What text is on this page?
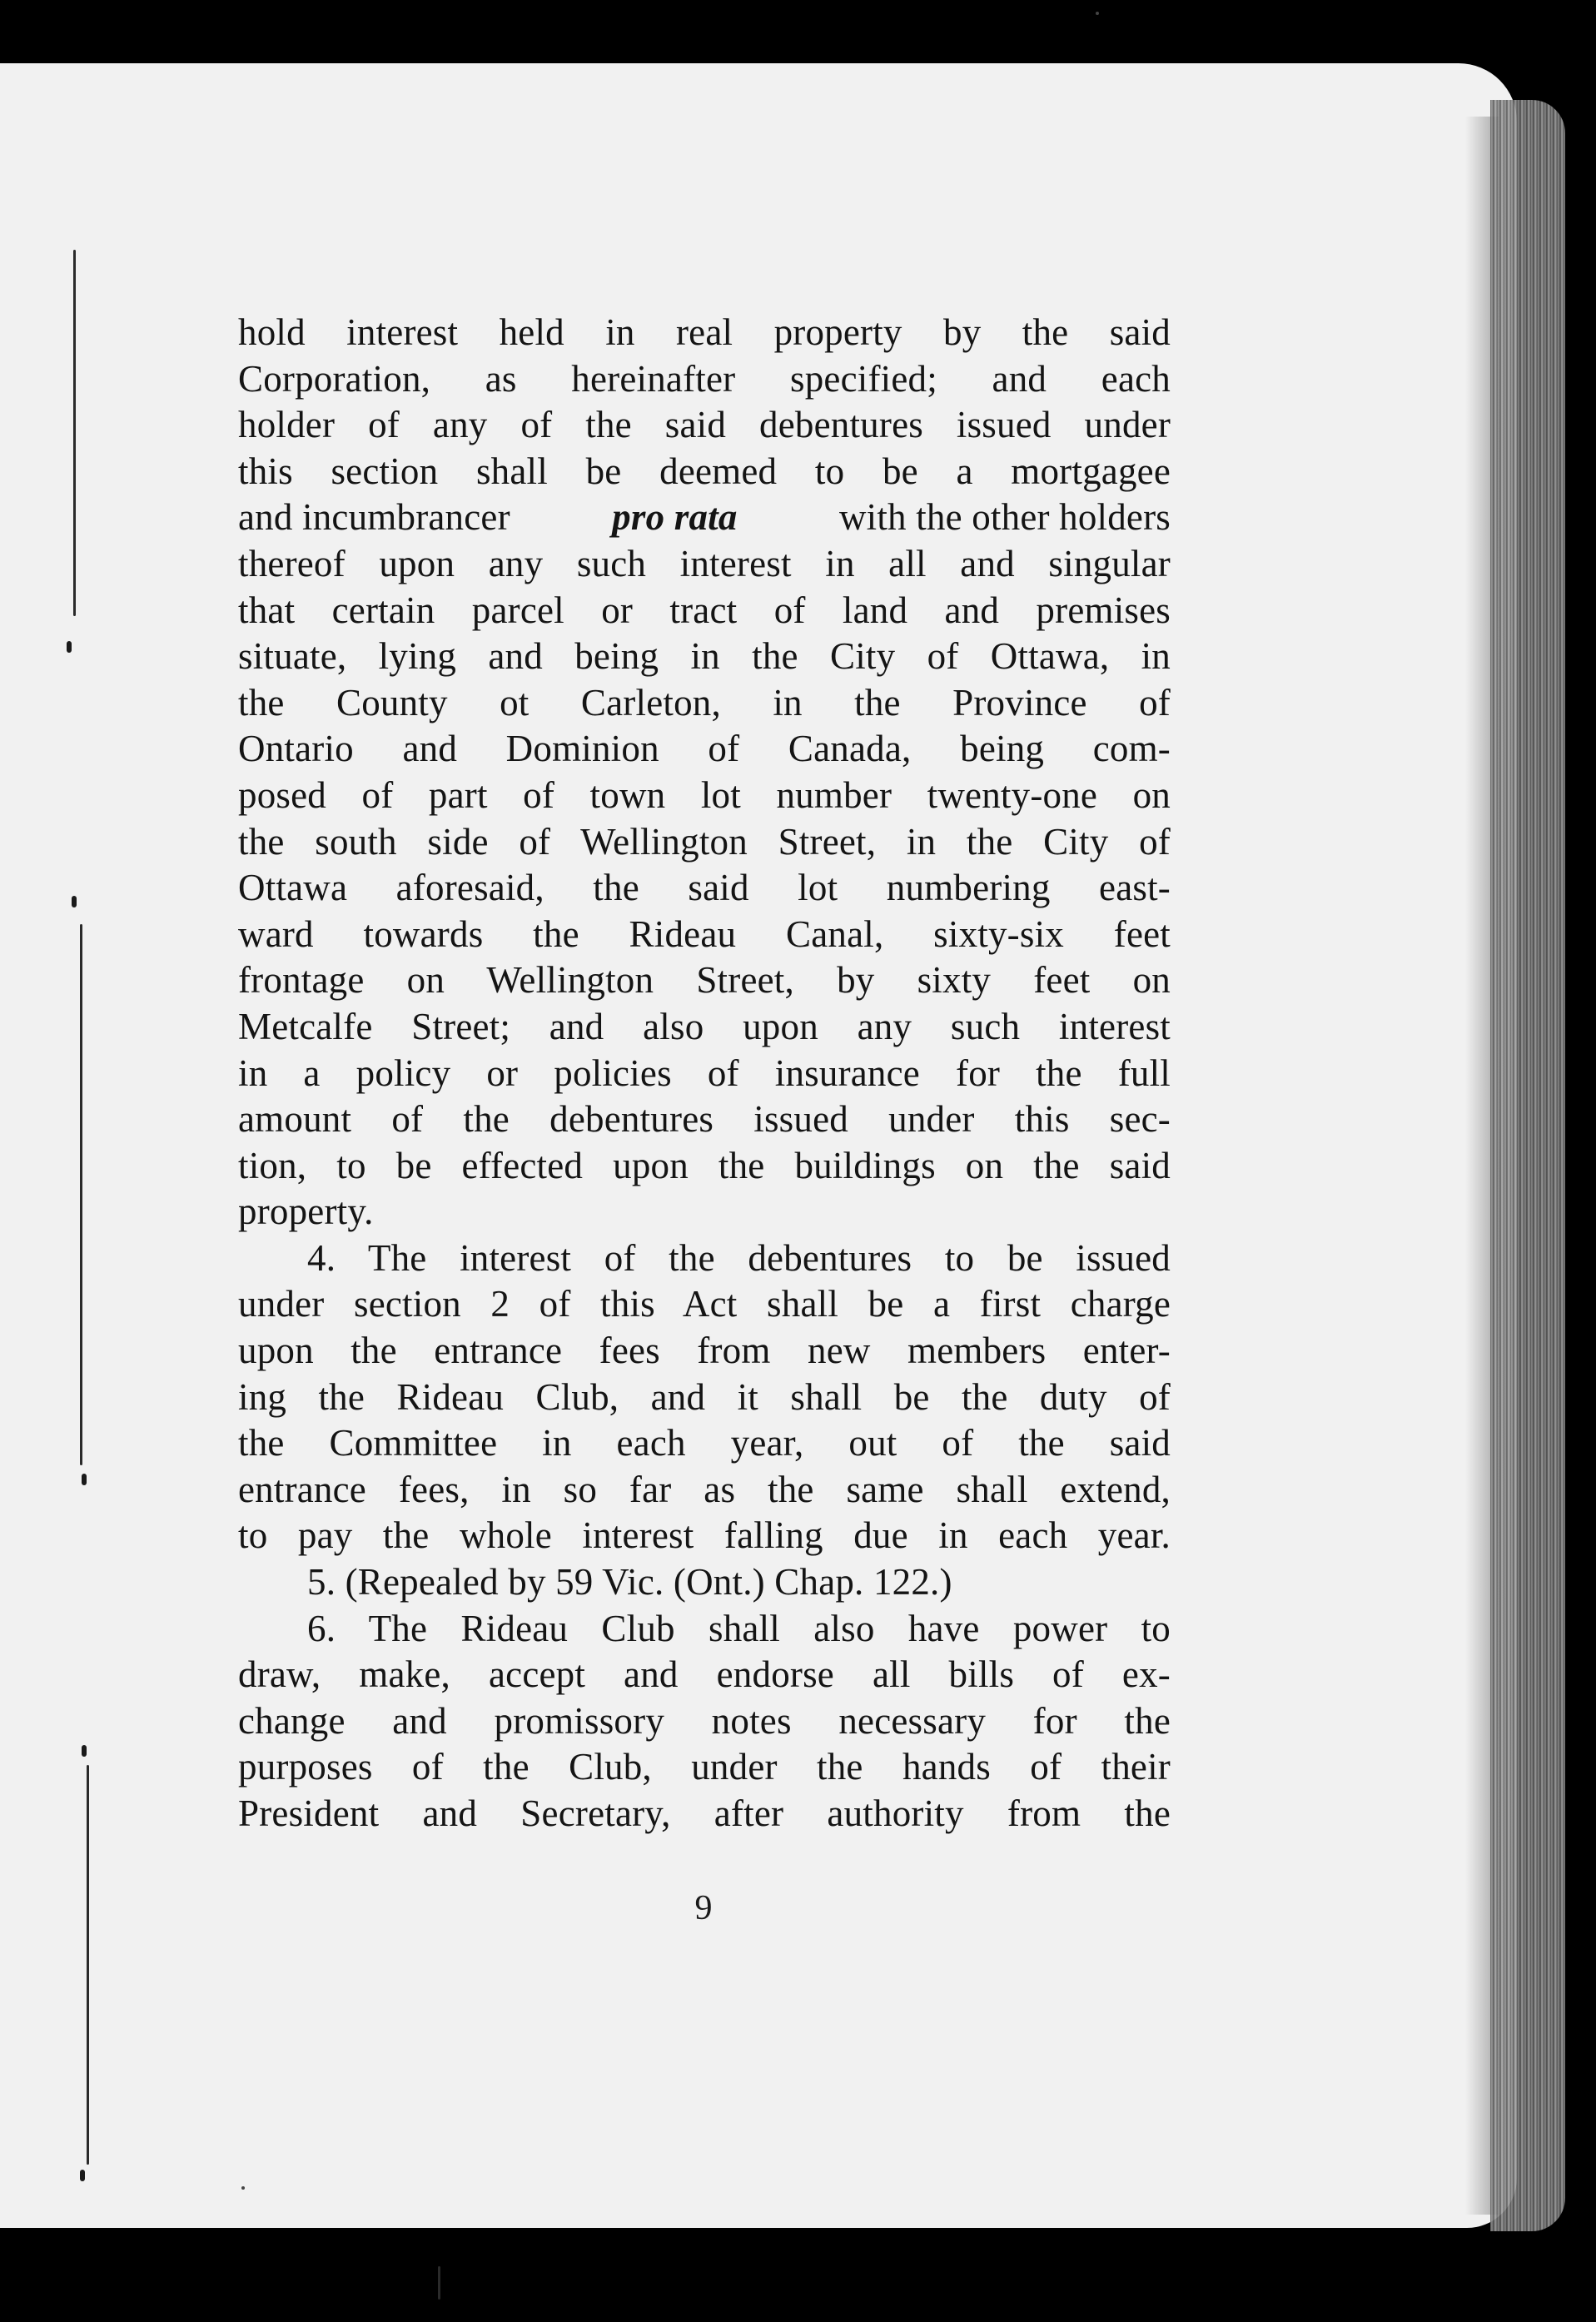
hold interest held in real property by the said
Corporation, as hereinafter specified; and each
holder of any of the said debentures issued under
this section shall be deemed to be a mortgagee
and incumbrancer	pro rata	with the other holders
thereof upon any such interest in all and singular
that certain parcel or tract of land and premises
situate, lying and being in the City of Ottawa, in
the County ot Carleton, in the Province of
Ontario and Dominion of Canada, being com-
posed of part of town lot number twenty-one on
the south side of Wellington Street, in the City of
Ottawa aforesaid, the said lot numbering east-
ward towards the Rideau Canal, sixty-six feet
frontage on Wellington Street, by sixty feet on
Metcalfe Street; and also upon any such interest
in a policy or policies of insurance for the full
amount of the debentures issued under this sec-
tion, to be effected upon the buildings on the said
property.
4. The interest of the debentures to be issued
under section 2 of this Act shall be a first charge
upon the entrance fees from new members enter-
ing the Rideau Club, and it shall be the duty of
the Committee in each year, out of the said
entrance fees, in so far as the same shall extend,
to pay the whole interest falling due in each year.
5. (Repealed by 59 Vic. (Ont.) Chap. 122.)
6. The Rideau Club shall also have power to
draw, make, accept and endorse all bills of ex-
change and promissory notes necessary for the
purposes of the Club, under the hands of their
President and Secretary, after authority from the
9
